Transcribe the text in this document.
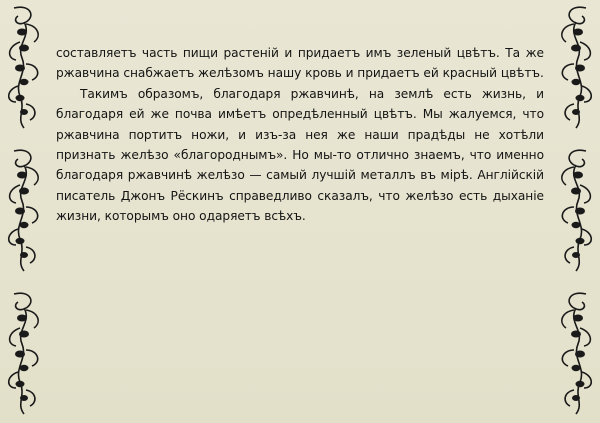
составляетъ часть пищи растеній и придаетъ имъ зеленый цвѣтъ. Та же ржавчина снабжаетъ желѣзомъ нашу кровь и придаетъ ей красный цвѣтъ.

Такимъ образомъ, благодаря ржавчинѣ, на землѣ есть жизнь, и благодаря ей же почва имѣетъ опредѣленный цвѣтъ. Мы жалуемся, что ржавчина портитъ ножи, и изъ-за нея же наши прадѣды не хотѣли признать желѣзо «благороднымъ». Но мы-то отлично знаемъ, что именно благодаря ржавчинѣ желѣзо — самый лучшій металлъ въ мірѣ. Англійскій писатель Джонъ Рёскинъ справедливо сказалъ, что желѣзо есть дыханіе жизни, которымъ оно одаряетъ всѣхъ.
